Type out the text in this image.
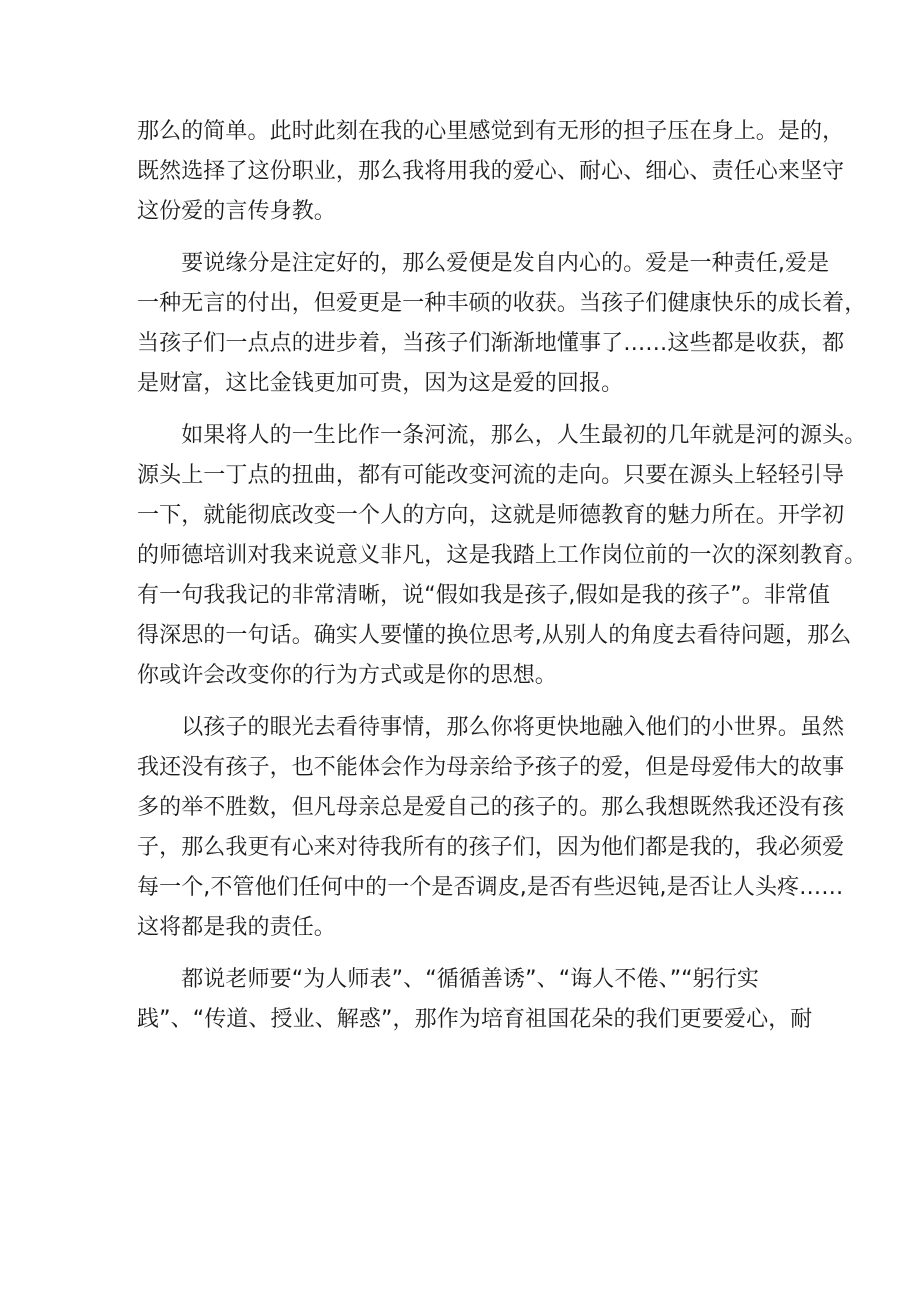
那么的简单。此时此刻在我的心里感觉到有无形的担子压在身上。是的，
既然选择了这份职业，那么我将用我的爱心、耐心、细心、责任心来坚守
这份爱的言传身教。
　　要说缘分是注定好的，那么爱便是发自内心的。爱是一种责任,爱是
一种无言的付出，但爱更是一种丰硕的收获。当孩子们健康快乐的成长着，
当孩子们一点点的进步着，当孩子们渐渐地懂事了……这些都是收获，都
是财富，这比金钱更加可贵，因为这是爱的回报。
　　如果将人的一生比作一条河流，那么，人生最初的几年就是河的源头。
源头上一丁点的扭曲，都有可能改变河流的走向。只要在源头上轻轻引导
一下，就能彻底改变一个人的方向，这就是师德教育的魅力所在。开学初
的师德培训对我来说意义非凡，这是我踏上工作岗位前的一次的深刻教育。
有一句我我记的非常清晰，说“假如我是孩子,假如是我的孩子”。非常值
得深思的一句话。确实人要懂的换位思考,从别人的角度去看待问题，那么
你或许会改变你的行为方式或是你的思想。
　　以孩子的眼光去看待事情，那么你将更快地融入他们的小世界。虽然
我还没有孩子，也不能体会作为母亲给予孩子的爱，但是母爱伟大的故事
多的举不胜数，但凡母亲总是爱自己的孩子的。那么我想既然我还没有孩
子，那么我更有心来对待我所有的孩子们，因为他们都是我的，我必须爱
每一个,不管他们任何中的一个是否调皮,是否有些迟钝,是否让人头疼……
这将都是我的责任。
　　都说老师要“为人师表”、“循循善诱”、“诲人不倦、”“躬行实
践”、“传道、授业、解惑”，那作为培育祖国花朵的我们更要爱心，耐
